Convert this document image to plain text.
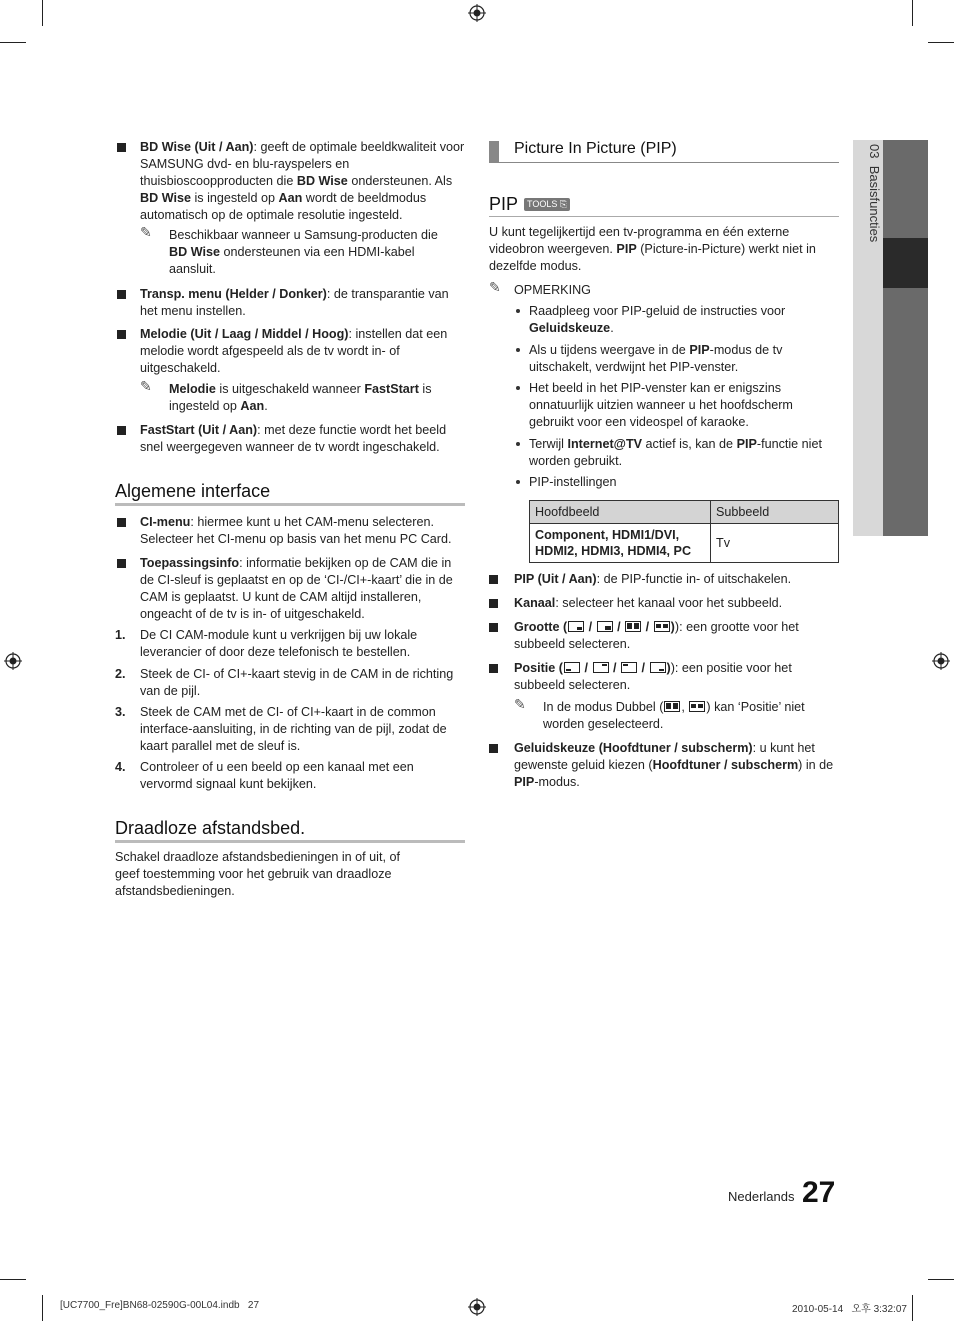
03  Basisfuncties
BD Wise (Uit / Aan): geeft de optimale beeldkwaliteit voor SAMSUNG dvd- en blu-rayspelers en thuisbioscoopproducten die BD Wise ondersteunen. Als BD Wise is ingesteld op Aan wordt de beeldmodus automatisch op de optimale resolutie ingesteld.
✎ Beschikbaar wanneer u Samsung-producten die BD Wise ondersteunen via een HDMI-kabel aansluit.
Transp. menu (Helder / Donker): de transparantie van het menu instellen.
Melodie (Uit / Laag / Middel / Hoog): instellen dat een melodie wordt afgespeeld als de tv wordt in- of uitgeschakeld.
✎ Melodie is uitgeschakeld wanneer FastStart is ingesteld op Aan.
FastStart (Uit / Aan): met deze functie wordt het beeld snel weergegeven wanneer de tv wordt ingeschakeld.
Algemene interface
CI-menu: hiermee kunt u het CAM-menu selecteren. Selecteer het CI-menu op basis van het menu PC Card.
Toepassingsinfo: informatie bekijken op de CAM die in de CI-sleuf is geplaatst en op de ‘CI-/CI+-kaart’ die in de CAM is geplaatst. U kunt de CAM altijd installeren, ongeacht of de tv is in- of uitgeschakeld.
1. De CI CAM-module kunt u verkrijgen bij uw lokale leverancier of door deze telefonisch te bestellen.
2. Steek de CI- of CI+-kaart stevig in de CAM in de richting van de pijl.
3. Steek de CAM met de CI- of CI+-kaart in de common interface-aansluiting, in de richting van de pijl, zodat de kaart parallel met de sleuf is.
4. Controleer of u een beeld op een kanaal met een vervormd signaal kunt bekijken.
Draadloze afstandsbed.
Schakel draadloze afstandsbedieningen in of uit, of geef toestemming voor het gebruik van draadloze afstandsbedieningen.
Picture In Picture (PIP)
PIP TOOLS ⎘
U kunt tegelijkertijd een tv-programma en één externe videobron weergeven. PIP (Picture-in-Picture) werkt niet in dezelfde modus.
✎ OPMERKING
Raadpleeg voor PIP-geluid de instructies voor Geluidskeuze.
Als u tijdens weergave in de PIP-modus de tv uitschakelt, verdwijnt het PIP-venster.
Het beeld in het PIP-venster kan er enigszins onnatuurlijk uitzien wanneer u het hoofdscherm gebruikt voor een videospel of karaoke.
Terwijl Internet@TV actief is, kan de PIP-functie niet worden gebruikt.
PIP-instellingen
Hoofdbeeld	Subbeeld
Component, HDMI1/DVI, HDMI2, HDMI3, HDMI4, PC	Tv
PIP (Uit / Aan): de PIP-functie in- of uitschakelen.
Kanaal: selecteer het kanaal voor het subbeeld.
Grootte ( / / / )): een grootte voor het subbeeld selecteren.
Positie ( / / / )): een positie voor het subbeeld selecteren.
✎ In de modus Dubbel ( ,
) kan ‘Positie’ niet worden geselecteerd.
Geluidskeuze (Hoofdtuner / subscherm): u kunt het gewenste geluid kiezen (Hoofdtuner / subscherm) in de PIP-modus.
Nederlands 27
[UC7700_Fre]BN68-02590G-00L04.indb   27	2010-05-14   오후 3:32:07
